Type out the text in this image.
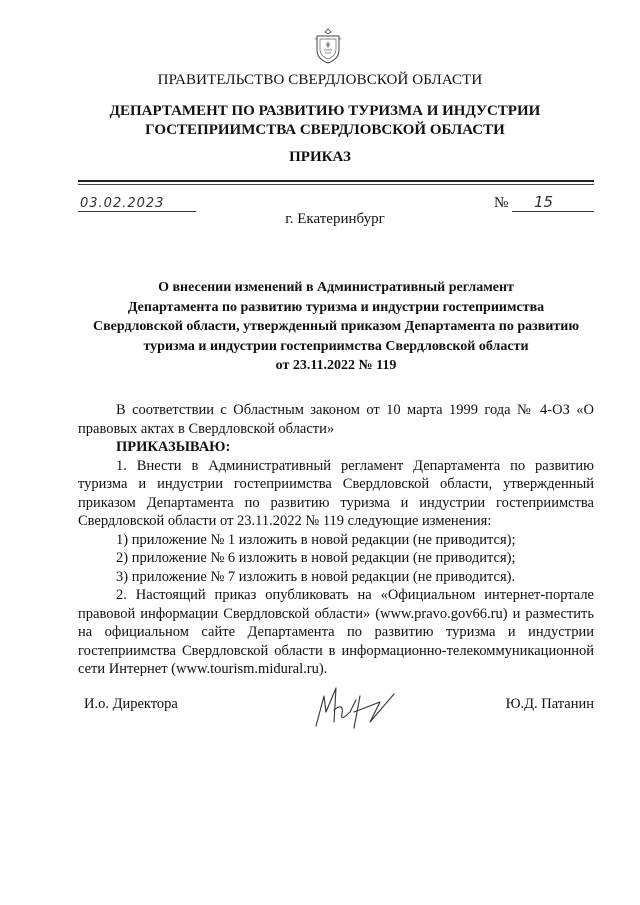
ПРАВИТЕЛЬСТВО СВЕРДЛОВСКОЙ ОБЛАСТИ
ДЕПАРТАМЕНТ ПО РАЗВИТИЮ ТУРИЗМА И ИНДУСТРИИ
ГОСТЕПРИИМСТВА СВЕРДЛОВСКОЙ ОБЛАСТИ
ПРИКАЗ
03.02.2023	№ 15
г. Екатеринбург
О внесении изменений в Административный регламент
Департамента по развитию туризма и индустрии гостеприимства
Свердловской области, утвержденный приказом Департамента по развитию
туризма и индустрии гостеприимства Свердловской области
от 23.11.2022 № 119

В соответствии с Областным законом от 10 марта 1999 года № 4-ОЗ «О правовых актах в Свердловской области»

ПРИКАЗЫВАЮ:

1. Внести в Административный регламент Департамента по развитию туризма и индустрии гостеприимства Свердловской области, утвержденный приказом Департамента по развитию туризма и индустрии гостеприимства Свердловской области от 23.11.2022 № 119 следующие изменения:

1) приложение № 1 изложить в новой редакции (не приводится);

2) приложение № 6 изложить в новой редакции (не приводится);

3) приложение № 7 изложить в новой редакции (не приводится).

2. Настоящий приказ опубликовать на «Официальном интернет-портале правовой информации Свердловской области» (www.pravo.gov66.ru) и разместить на официальном сайте Департамента по развитию туризма и индустрии гостеприимства Свердловской области в информационно-телекоммуникационной сети Интернет (www.tourism.midural.ru).

И.о. Директора	Ю.Д. Патанин
